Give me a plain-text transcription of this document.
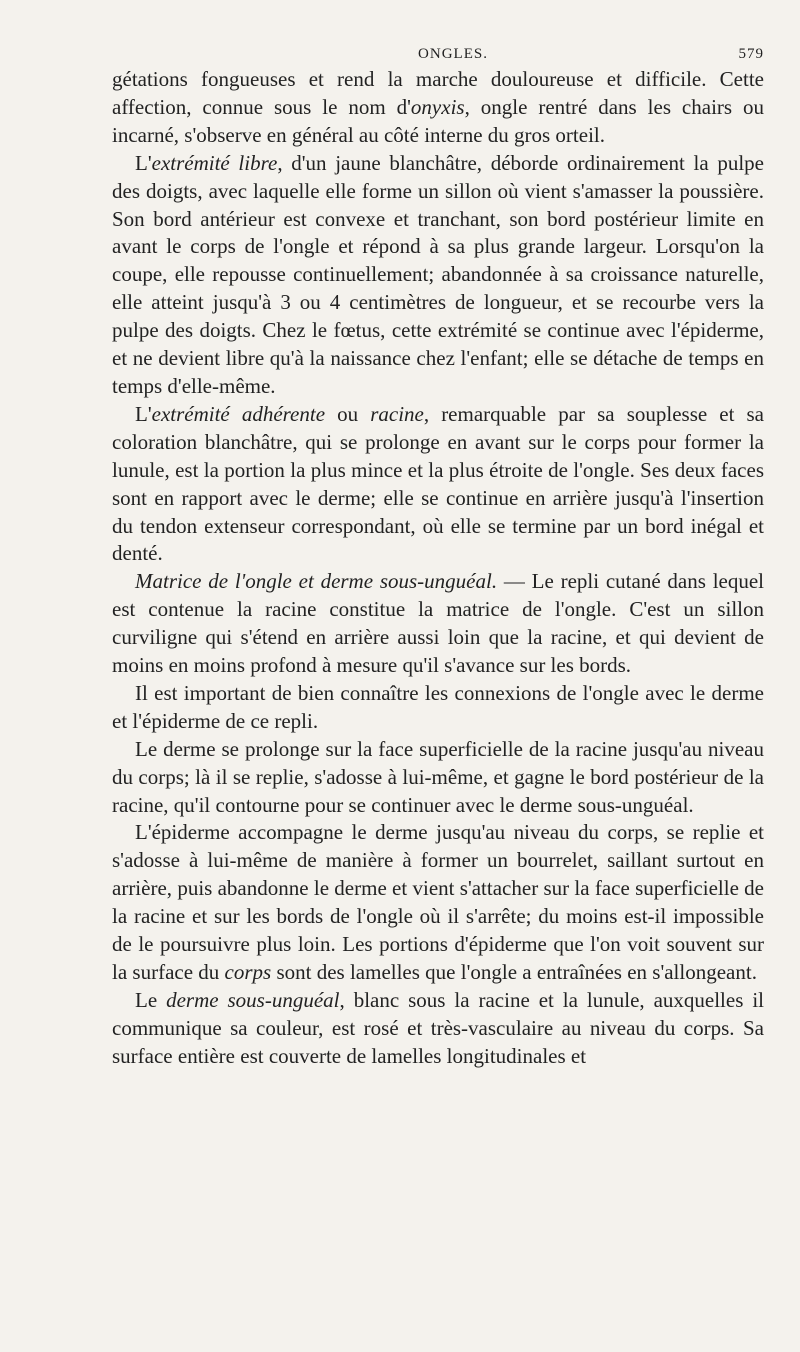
ONGLES.	579

gétations fongueuses et rend la marche douloureuse et difficile. Cette affection, connue sous le nom d'onyxis, ongle rentré dans les chairs ou incarné, s'observe en général au côté interne du gros orteil.

L'extrémité libre, d'un jaune blanchâtre, déborde ordinairement la pulpe des doigts, avec laquelle elle forme un sillon où vient s'amasser la poussière. Son bord antérieur est convexe et tranchant, son bord postérieur limite en avant le corps de l'ongle et répond à sa plus grande largeur. Lorsqu'on la coupe, elle repousse continuellement; abandonnée à sa croissance naturelle, elle atteint jusqu'à 3 ou 4 centimètres de longueur, et se recourbe vers la pulpe des doigts. Chez le fœtus, cette extrémité se continue avec l'épiderme, et ne devient libre qu'à la naissance chez l'enfant; elle se détache de temps en temps d'elle-même.

L'extrémité adhérente ou racine, remarquable par sa souplesse et sa coloration blanchâtre, qui se prolonge en avant sur le corps pour former la lunule, est la portion la plus mince et la plus étroite de l'ongle. Ses deux faces sont en rapport avec le derme; elle se continue en arrière jusqu'à l'insertion du tendon extenseur correspondant, où elle se termine par un bord inégal et denté.

Matrice de l'ongle et derme sous-unguéal. — Le repli cutané dans lequel est contenue la racine constitue la matrice de l'ongle. C'est un sillon curviligne qui s'étend en arrière aussi loin que la racine, et qui devient de moins en moins profond à mesure qu'il s'avance sur les bords.

Il est important de bien connaître les connexions de l'ongle avec le derme et l'épiderme de ce repli.

Le derme se prolonge sur la face superficielle de la racine jusqu'au niveau du corps; là il se replie, s'adosse à lui-même, et gagne le bord postérieur de la racine, qu'il contourne pour se continuer avec le derme sous-unguéal.

L'épiderme accompagne le derme jusqu'au niveau du corps, se replie et s'adosse à lui-même de manière à former un bourrelet, saillant surtout en arrière, puis abandonne le derme et vient s'attacher sur la face superficielle de la racine et sur les bords de l'ongle où il s'arrête; du moins est-il impossible de le poursuivre plus loin. Les portions d'épiderme que l'on voit souvent sur la surface du corps sont des lamelles que l'ongle a entraînées en s'allongeant.

Le derme sous-unguéal, blanc sous la racine et la lunule, auxquelles il communique sa couleur, est rosé et très-vasculaire au niveau du corps. Sa surface entière est couverte de lamelles longitudinales et
